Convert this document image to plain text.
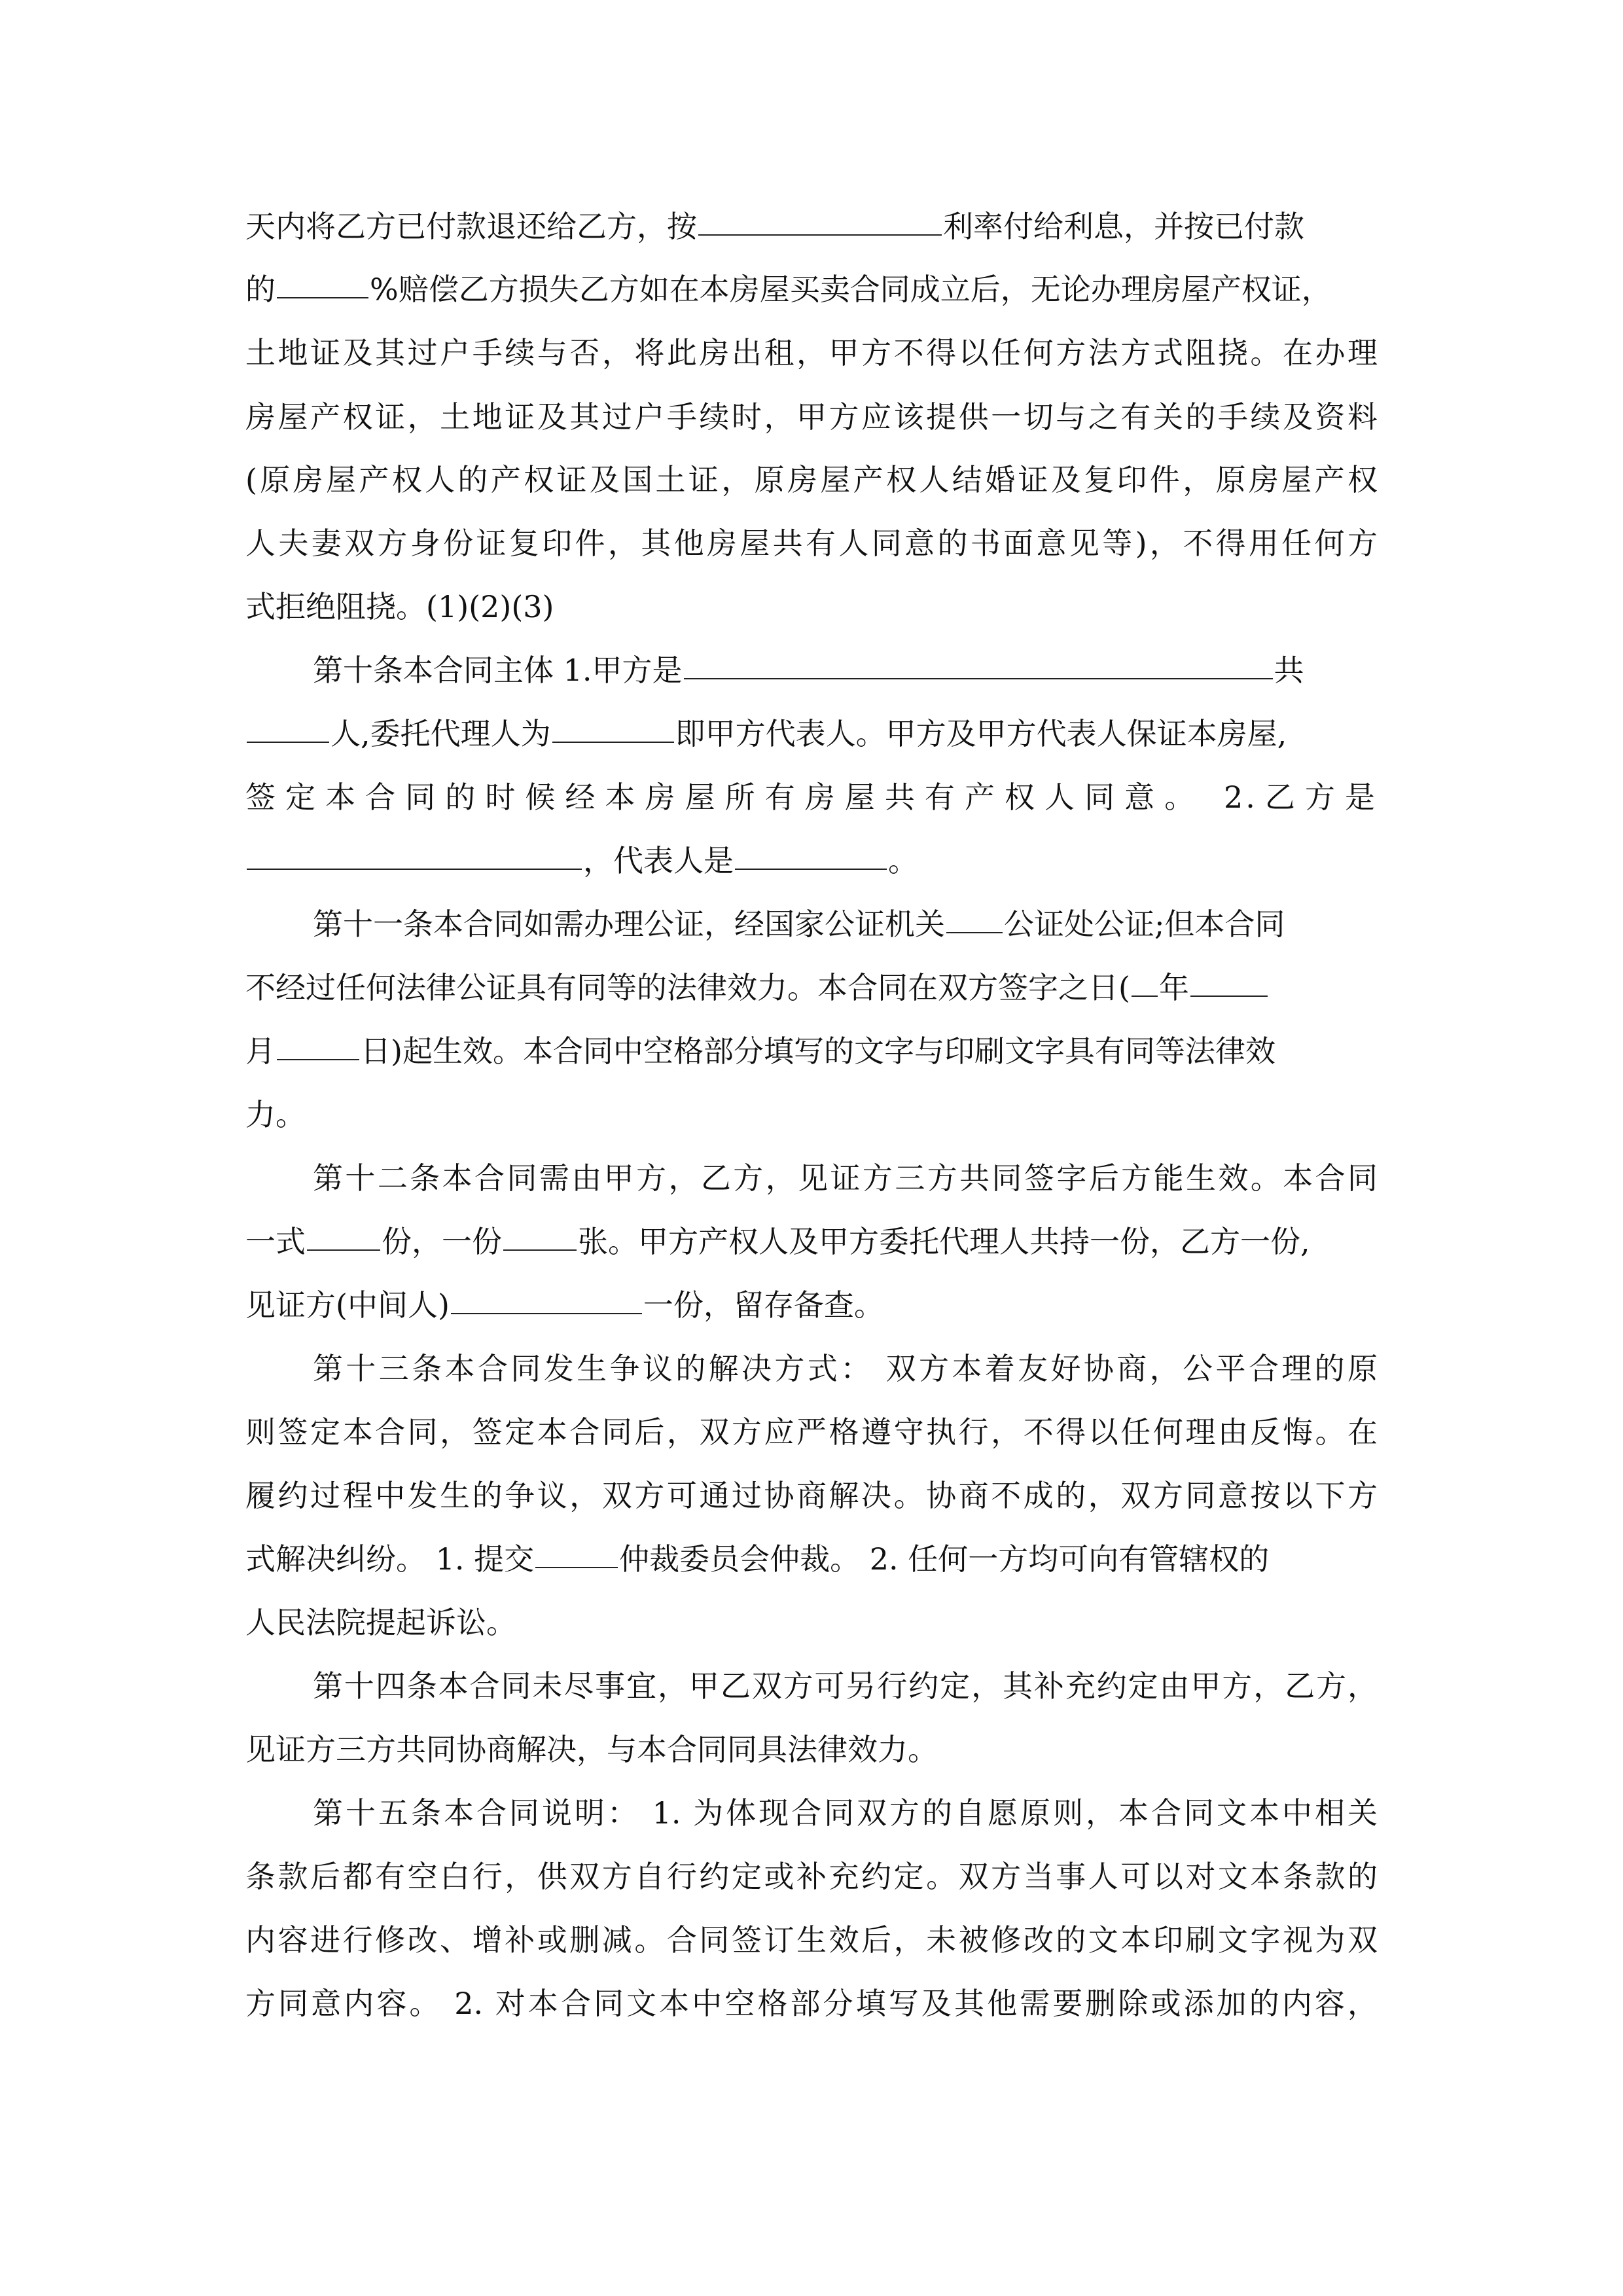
天内将乙方已付款退还给乙方，按	利率付给利息，并按已付款
的	%赔偿乙方损失乙方如在本房屋买卖合同成立后，无论办理房屋产权证，
土地证及其过户手续与否，将此房出租，甲方不得以任何方法方式阻挠。在办理
房屋产权证，土地证及其过户手续时，甲方应该提供一切与之有关的手续及资料
(原房屋产权人的产权证及国土证，原房屋产权人结婚证及复印件，原房屋产权
人夫妻双方身份证复印件，其他房屋共有人同意的书面意见等)，不得用任何方
式拒绝阻挠。(1)(2)(3)
第十条本合同主体 1.甲方是	共
人,委托代理人为	即甲方代表人。甲方及甲方代表人保证本房屋,
签定本合同的时候经本房屋所有房屋共有产权人同意。 2.乙方是
，代表人是	。
第十一条本合同如需办理公证，经国家公证机关 公证处公证;但本合同
不经过任何法律公证具有同等的法律效力。本合同在双方签字之日( 年
月	日)起生效。本合同中空格部分填写的文字与印刷文字具有同等法律效
力。
第十二条本合同需由甲方，乙方，见证方三方共同签字后方能生效。本合同
一式	份，一份	张。甲方产权人及甲方委托代理人共持一份，乙方一份,
见证方(中间人)	一份，留存备查。
第十三条本合同发生争议的解决方式： 双方本着友好协商，公平合理的原
则签定本合同，签定本合同后，双方应严格遵守执行，不得以任何理由反悔。在
履约过程中发生的争议，双方可通过协商解决。协商不成的，双方同意按以下方
式解决纠纷。 1. 提交	仲裁委员会仲裁。 2. 任何一方均可向有管辖权的
人民法院提起诉讼。
第十四条本合同未尽事宜，甲乙双方可另行约定，其补充约定由甲方，乙方，
见证方三方共同协商解决，与本合同同具法律效力。
第十五条本合同说明： 1. 为体现合同双方的自愿原则，本合同文本中相关
条款后都有空白行，供双方自行约定或补充约定。双方当事人可以对文本条款的
内容进行修改、增补或删减。合同签订生效后，未被修改的文本印刷文字视为双
方同意内容。 2. 对本合同文本中空格部分填写及其他需要删除或添加的内容，
